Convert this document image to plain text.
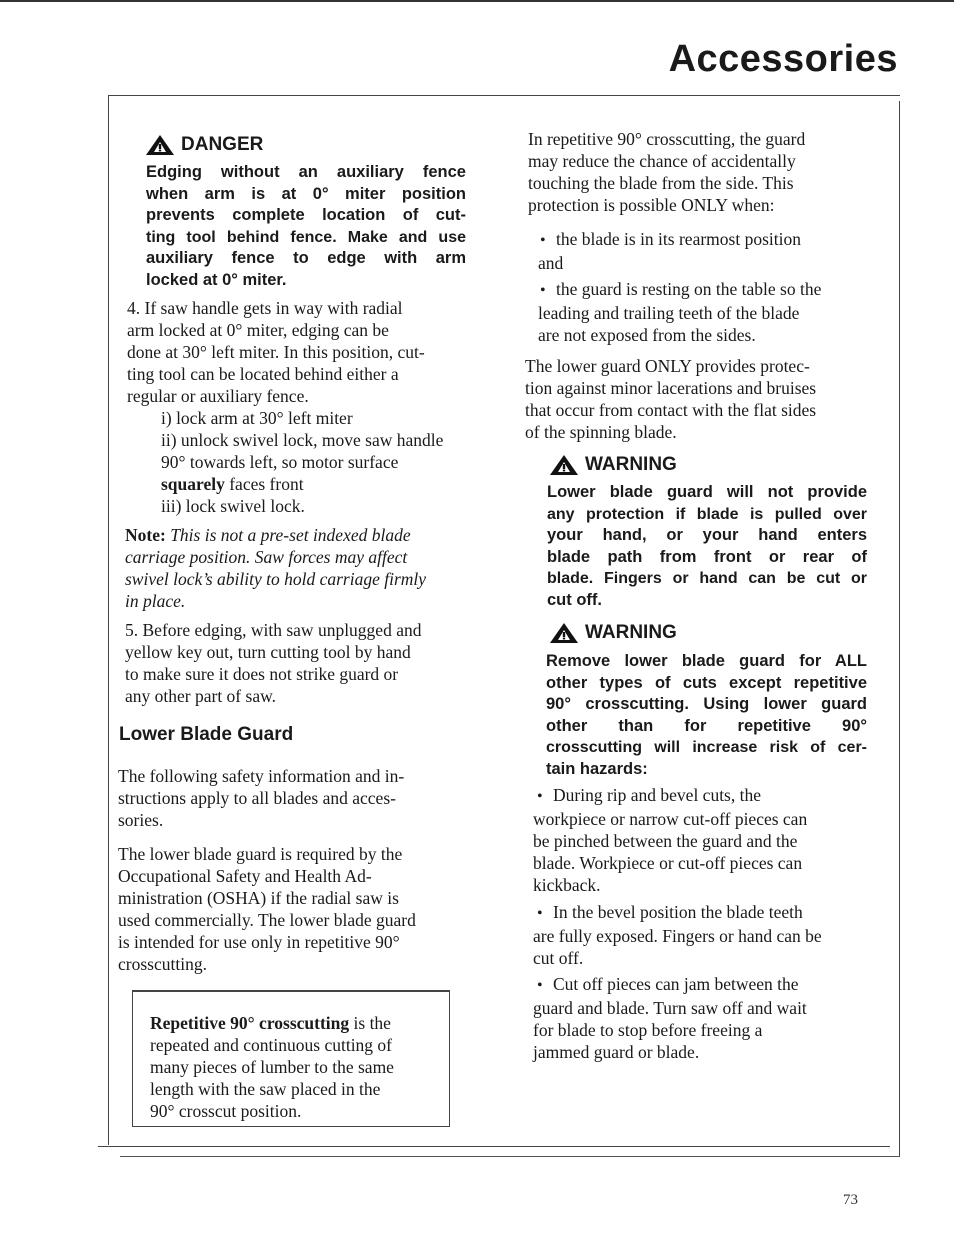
Accessories
DANGER

Edging without an auxiliary fence

when arm is at 0° miter position

prevents complete location of cut-

ting tool behind fence. Make and use

auxiliary fence to edge with arm

locked at 0° miter.

4. If saw handle gets in way with radial

arm locked at 0° miter, edging can be

done at 30° left miter. In this position, cut-

ting tool can be located behind either a

regular or auxiliary fence.

i) lock arm at 30° left miter

ii) unlock swivel lock, move saw handle

90° towards left, so motor surface

squarely faces front

iii) lock swivel lock.

Note: This is not a pre-set indexed blade

carriage position. Saw forces may affect

swivel lock’s ability to hold carriage firmly

in place.

5. Before edging, with saw unplugged and

yellow key out, turn cutting tool by hand

to make sure it does not strike guard or

any other part of saw.

Lower Blade Guard

The following safety information and in-

structions apply to all blades and acces-

sories.

The lower blade guard is required by the

Occupational Safety and Health Ad-

ministration (OSHA) if the radial saw is

used commercially. The lower blade guard

is intended for use only in repetitive 90°

crosscutting.

Repetitive 90° crosscutting is the

repeated and continuous cutting of

many pieces of lumber to the same

length with the saw placed in the

90° crosscut position.

In repetitive 90° crosscutting, the guard

may reduce the chance of accidentally

touching the blade from the side. This

protection is possible ONLY when:

• the blade is in its rearmost position

and

• the guard is resting on the table so the

leading and trailing teeth of the blade

are not exposed from the sides.

The lower guard ONLY provides protec-

tion against minor lacerations and bruises

that occur from contact with the flat sides

of the spinning blade.

WARNING

Lower blade guard will not provide

any protection if blade is pulled over

your hand, or your hand enters

blade path from front or rear of

blade. Fingers or hand can be cut or

cut off.

WARNING

Remove lower blade guard for ALL

other types of cuts except repetitive

90° crosscutting. Using lower guard

other than for repetitive 90°

crosscutting will increase risk of cer-

tain hazards:

• During rip and bevel cuts, the

workpiece or narrow cut-off pieces can

be pinched between the guard and the

blade. Workpiece or cut-off pieces can

kickback.

• In the bevel position the blade teeth

are fully exposed. Fingers or hand can be

cut off.

• Cut off pieces can jam between the

guard and blade. Turn saw off and wait

for blade to stop before freeing a

jammed guard or blade.

73
